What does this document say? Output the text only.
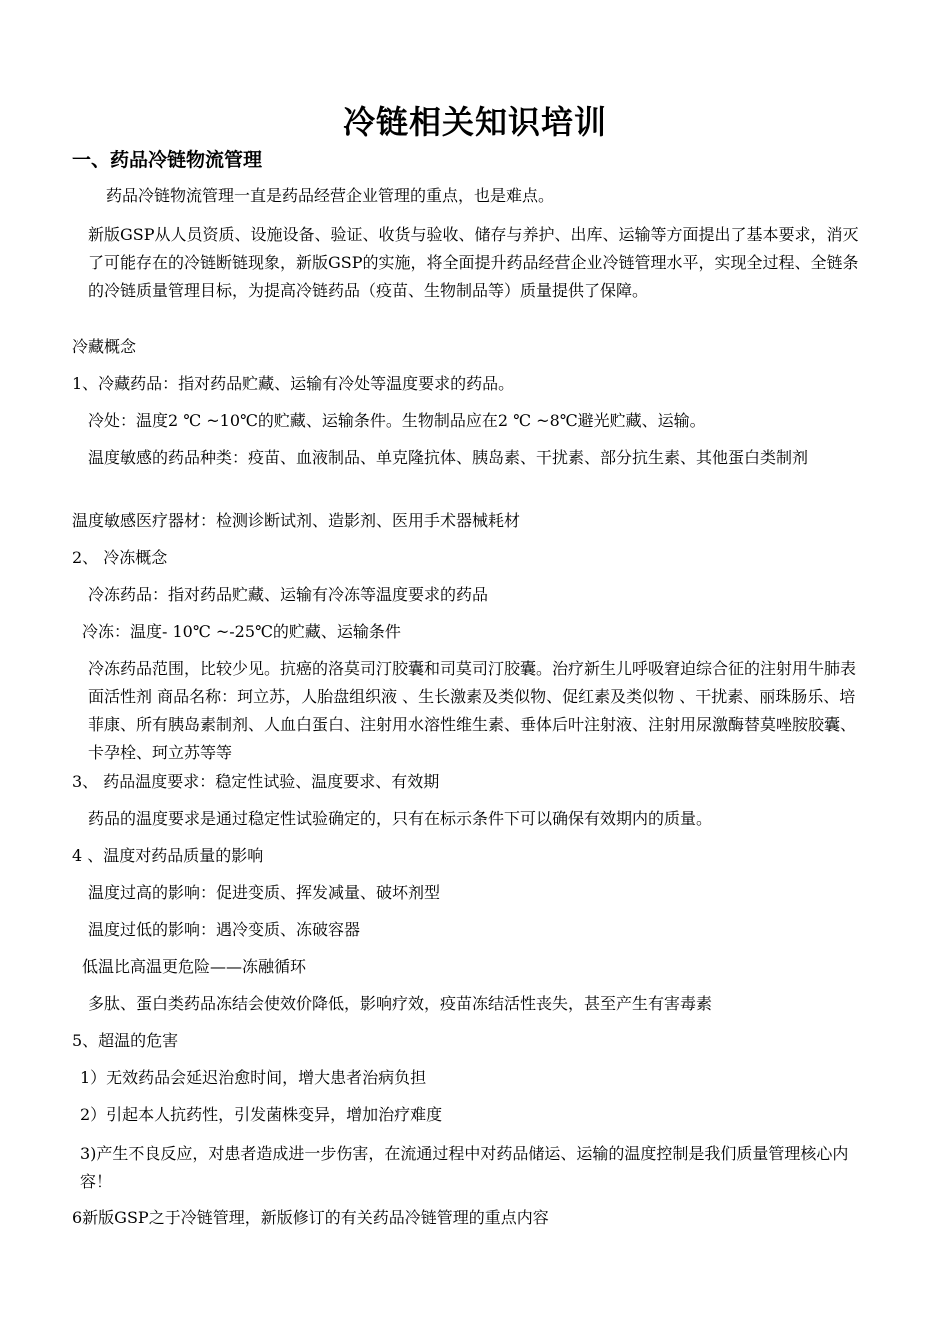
冷链相关知识培训
一、药品冷链物流管理

药品冷链物流管理一直是药品经营企业管理的重点，也是难点。

新版GSP从人员资质、设施设备、验证、收货与验收、储存与养护、出库、运输等方面提出了基本要求，消灭了可能存在的冷链断链现象，新版GSP的实施，将全面提升药品经营企业冷链管理水平，实现全过程、全链条的冷链质量管理目标，为提高冷链药品（疫苗、生物制品等）质量提供了保障。

冷藏概念

1、冷藏药品：指对药品贮藏、运输有冷处等温度要求的药品。

冷处：温度2 ℃ ~10℃的贮藏、运输条件。生物制品应在2 ℃ ~8℃避光贮藏、运输。

温度敏感的药品种类：疫苗、血液制品、单克隆抗体、胰岛素、干扰素、部分抗生素、其他蛋白类制剂

温度敏感医疗器材：检测诊断试剂、造影剂、医用手术器械耗材

2、 冷冻概念

冷冻药品：指对药品贮藏、运输有冷冻等温度要求的药品

冷冻：温度- 10℃ ~-25℃的贮藏、运输条件

冷冻药品范围，比较少见。抗癌的洛莫司汀胶囊和司莫司汀胶囊。治疗新生儿呼吸窘迫综合征的注射用牛肺表面活性剂 商品名称：珂立苏，人胎盘组织液 、生长激素及类似物、促红素及类似物 、干扰素、丽珠肠乐、培菲康、所有胰岛素制剂、人血白蛋白、注射用水溶性维生素、垂体后叶注射液、注射用尿激酶替莫唑胺胶囊、 卡孕栓、珂立苏等等

3、 药品温度要求：稳定性试验、温度要求、有效期

药品的温度要求是通过稳定性试验确定的，只有在标示条件下可以确保有效期内的质量。

4 、温度对药品质量的影响

温度过高的影响：促进变质、挥发减量、破坏剂型

温度过低的影响：遇冷变质、冻破容器

低温比高温更危险——冻融循环

多肽、蛋白类药品冻结会使效价降低，影响疗效，疫苗冻结活性丧失，甚至产生有害毒素

5、超温的危害

1）无效药品会延迟治愈时间，增大患者治病负担

2）引起本人抗药性，引发菌株变异，增加治疗难度

3)产生不良反应，对患者造成进一步伤害，在流通过程中对药品储运、运输的温度控制是我们质量管理核心内容！

6新版GSP之于冷链管理，新版修订的有关药品冷链管理的重点内容
